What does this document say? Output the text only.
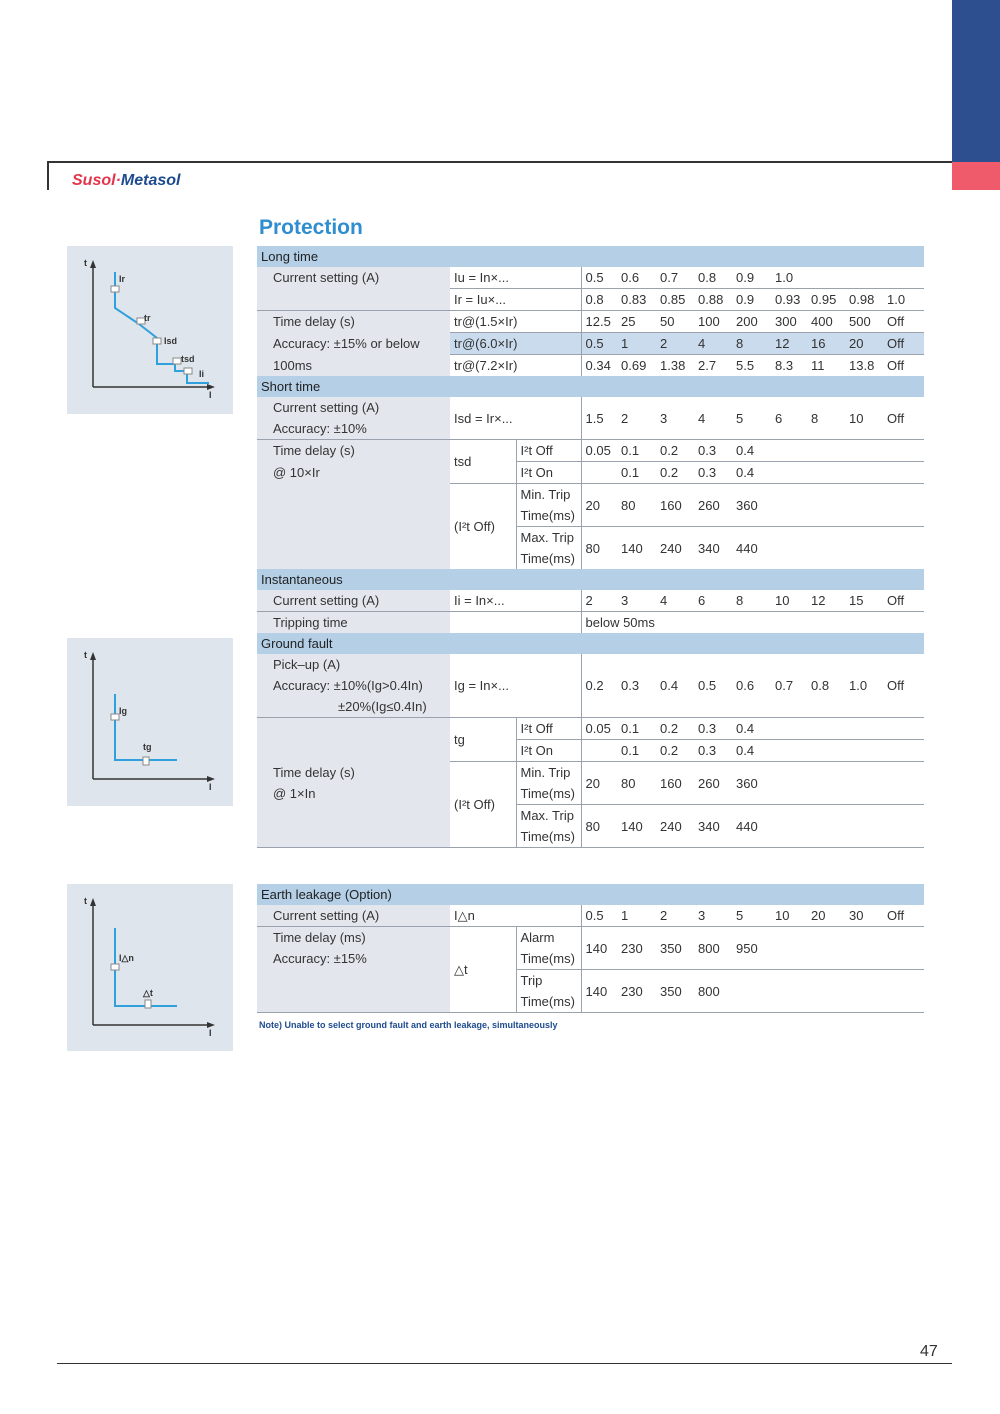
Susol·Metasol
Protection
t
I
Ir
tr
Isd
tsd
Ii
t
I
Ig
tg
t
I
I△n
△t
Long time											
Current setting (A)	Iu = In×...		0.5	0.6	0.7	0.8	0.9	1.0			
	Ir = Iu×...		0.8	0.83	0.85	0.88	0.9	0.93	0.95	0.98	1.0
Time delay (s)	tr@(1.5×Ir)		12.5	25	50	100	200	300	400	500	Off
Accuracy: ±15% or below	tr@(6.0×Ir)		0.5	1	2	4	8	12	16	20	Off
100ms	tr@(7.2×Ir)		0.34	0.69	1.38	2.7	5.5	8.3	11	13.8	Off
Short time											
Current setting (A)	Isd = Ir×...		1.5	2	3	4	5	6	8	10	Off
Accuracy: ±10%											
Time delay (s)	tsd	I²t Off	0.05	0.1	0.2	0.3	0.4				
@ 10×Ir		I²t On		0.1	0.2	0.3	0.4				
	(I²t Off)	Min. Trip	20	80	160	260	360				
		Time(ms)									
		Max. Trip	80	140	240	340	440				
		Time(ms)									
Instantaneous											
Current setting (A)	Ii = In×...		2	3	4	6	8	10	12	15	Off
Tripping time			below 50ms								
Ground fault											
Pick–up (A)	Ig = In×...		0.2	0.3	0.4	0.5	0.6	0.7	0.8	1.0	Off
Accuracy: ±10%(Ig>0.4In)											
±20%(Ig≤0.4In)											
	tg	I²t Off	0.05	0.1	0.2	0.3	0.4				
		I²t On		0.1	0.2	0.3	0.4				
Time delay (s)	(I²t Off)	Min. Trip	20	80	160	260	360				
@ 1×In		Time(ms)									
		Max. Trip	80	140	240	340	440				
		Time(ms)									
Earth leakage (Option)											
Current setting (A)	I△n		0.5	1	2	3	5	10	20	30	Off
Time delay (ms)	△t	Alarm	140	230	350	800	950				
Accuracy: ±15%		Time(ms)									
		Trip	140	230	350	800					
		Time(ms)									
Note) Unable to select ground fault and earth leakage, simultaneously
47
